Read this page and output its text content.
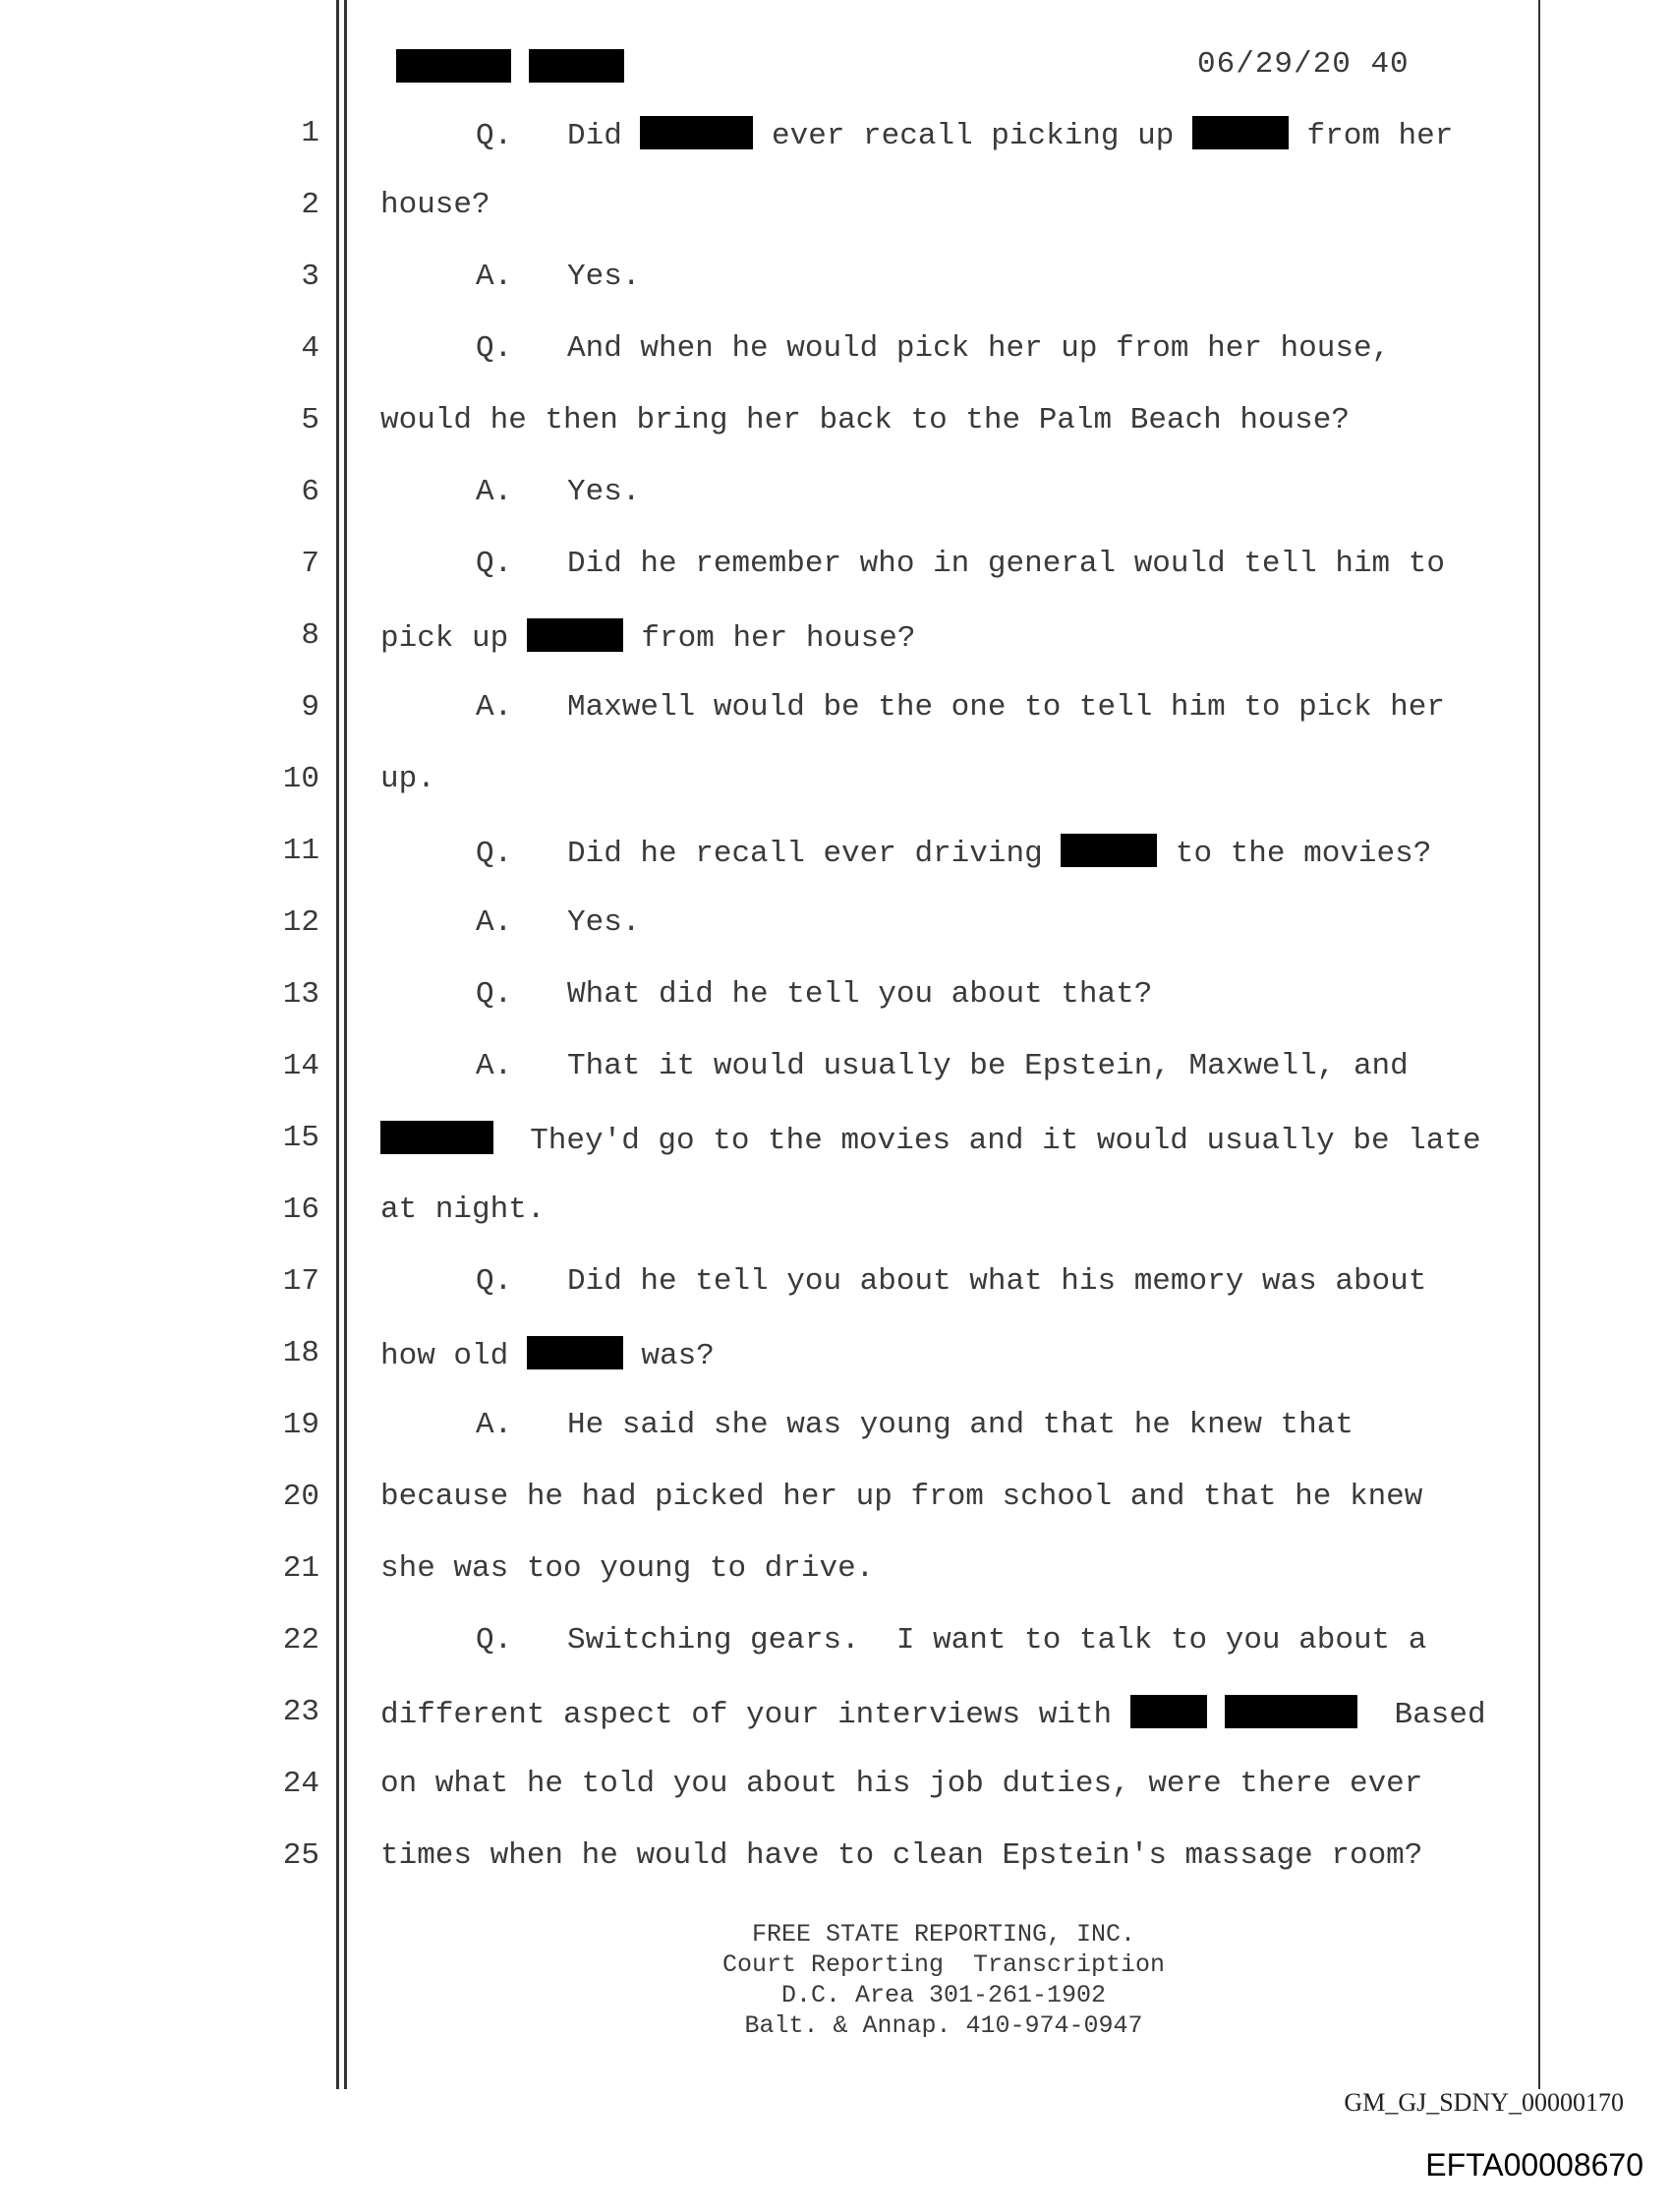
06/29/20 40
1	Q.   Did	ever recall picking up	from her
2 house?
3	A.   Yes.
4	Q.   And when he would pick her up from her house,
5 would he then bring her back to the Palm Beach house?
6	A.   Yes.
7	Q.   Did he remember who in general would tell him to
8 pick up	from her house?
9	A.   Maxwell would be the one to tell him to pick her
10 up.
11	Q.   Did he recall ever driving	to the movies?
12	A.   Yes.
13	Q.   What did he tell you about that?
14	A.   That it would usually be Epstein, Maxwell, and
15	They'd go to the movies and it would usually be late
16 at night.
17	Q.   Did he tell you about what his memory was about
18 how old	was?
19	A.   He said she was young and that he knew that
20 because he had picked her up from school and that he knew
21 she was too young to drive.
22	Q.   Switching gears.  I want to talk to you about a
23 different aspect of your interviews with	Based
24 on what he told you about his job duties, were there ever
25 times when he would have to clean Epstein's massage room?
FREE STATE REPORTING, INC.
Court Reporting  Transcription
D.C. Area 301-261-1902
Balt. & Annap. 410-974-0947
GM_GJ_SDNY_00000170
EFTA00008670
